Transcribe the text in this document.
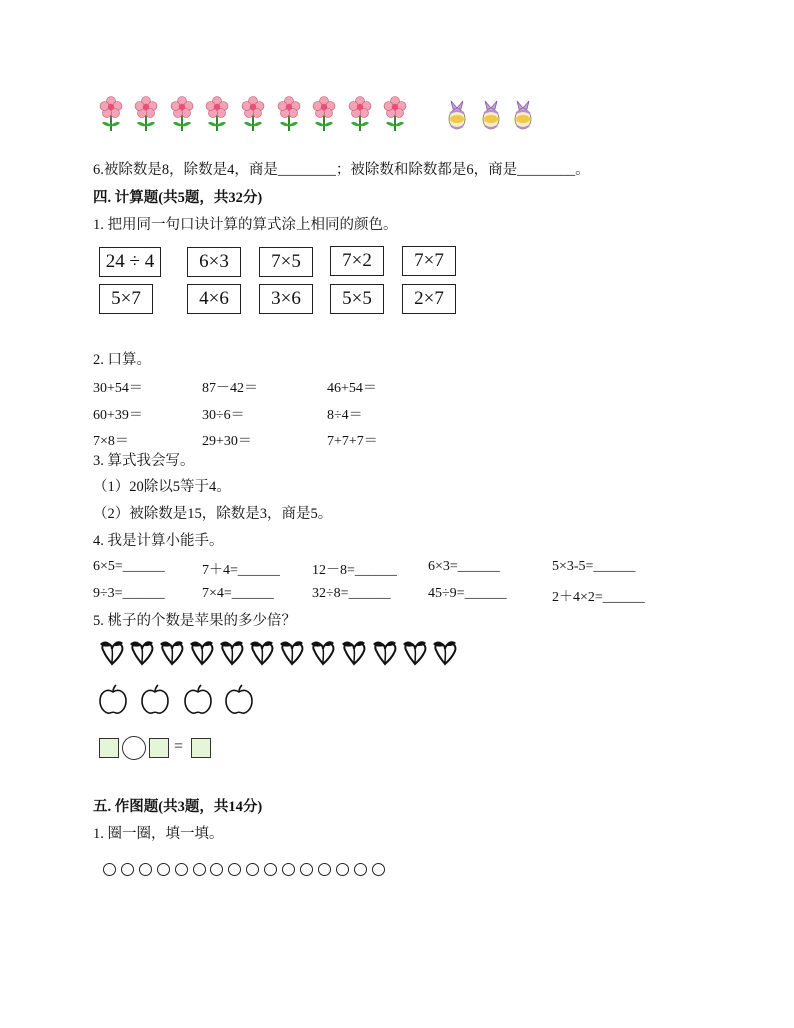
6.被除数是8，除数是4，商是________；被除数和除数都是6，商是________。
四. 计算题(共5题，共32分)
1. 把用同一句口诀计算的算式涂上相同的颜色。
24 ÷ 4	6×3	7×5	7×2	7×7
5×7	4×6	3×6	5×5	2×7
2. 口算。
30+54＝	87－42＝	46+54＝
60+39＝	30÷6＝	8÷4＝
7×8＝	29+30＝	7+7+7＝
3. 算式我会写。
（1）20除以5等于4。
（2）被除数是15，除数是3，商是5。
4. 我是计算小能手。
6×5=______	7＋4=______ 12－8=______ 6×3=______	5×3-5=______
9÷3=______	7×4=______	32÷8=______	45÷9=______	2＋4×2=______
5. 桃子的个数是苹果的多少倍？
=
五. 作图题(共3题，共14分)
1. 圈一圈，填一填。
